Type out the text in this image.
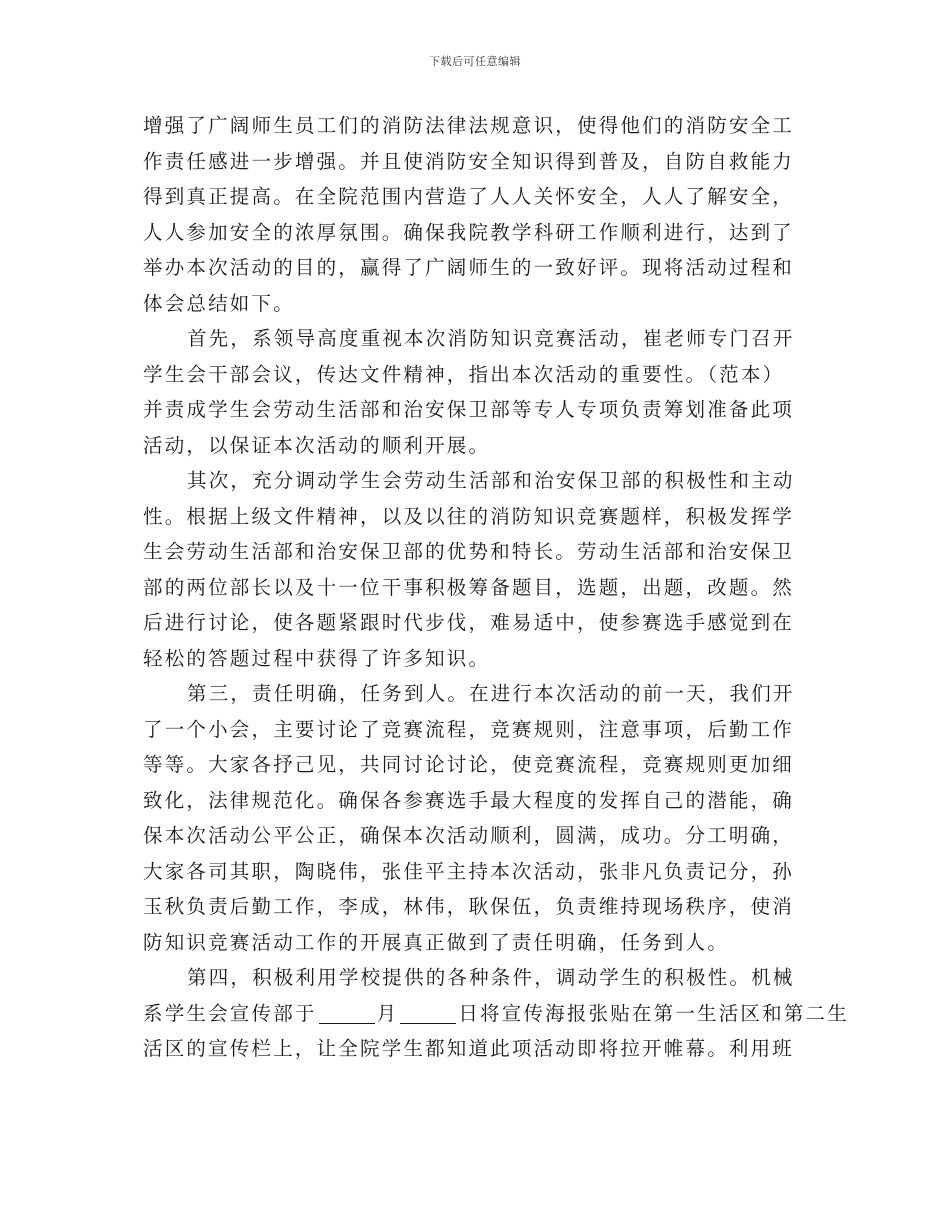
下载后可任意编辑

增强了广阔师生员工们的消防法律法规意识，使得他们的消防安全工
作责任感进一步增强。并且使消防安全知识得到普及，自防自救能力
得到真正提高。在全院范围内营造了人人关怀安全，人人了解安全，
人人参加安全的浓厚氛围。确保我院教学科研工作顺利进行，达到了
举办本次活动的目的，赢得了广阔师生的一致好评。现将活动过程和
体会总结如下。

首先，系领导高度重视本次消防知识竞赛活动，崔老师专门召开
学生会干部会议，传达文件精神，指出本次活动的重要性。（范本）
并责成学生会劳动生活部和治安保卫部等专人专项负责筹划准备此项
活动，以保证本次活动的顺利开展。

其次，充分调动学生会劳动生活部和治安保卫部的积极性和主动
性。根据上级文件精神，以及以往的消防知识竞赛题样，积极发挥学
生会劳动生活部和治安保卫部的优势和特长。劳动生活部和治安保卫
部的两位部长以及十一位干事积极筹备题目，选题，出题，改题。然
后进行讨论，使各题紧跟时代步伐，难易适中，使参赛选手感觉到在
轻松的答题过程中获得了许多知识。

第三，责任明确，任务到人。在进行本次活动的前一天，我们开
了一个小会，主要讨论了竞赛流程，竞赛规则，注意事项，后勤工作
等等。大家各抒己见，共同讨论讨论，使竞赛流程，竞赛规则更加细
致化，法律规范化。确保各参赛选手最大程度的发挥自己的潜能，确
保本次活动公平公正，确保本次活动顺利，圆满，成功。分工明确，
大家各司其职，陶晓伟，张佳平主持本次活动，张非凡负责记分，孙
玉秋负责后勤工作，李成，林伟，耿保伍，负责维持现场秩序，使消
防知识竞赛活动工作的开展真正做到了责任明确，任务到人。

第四，积极利用学校提供的各种条件，调动学生的积极性。机械
系学生会宣传部于	月	日将宣传海报张贴在第一生活区和第二生
活区的宣传栏上，让全院学生都知道此项活动即将拉开帷幕。利用班
